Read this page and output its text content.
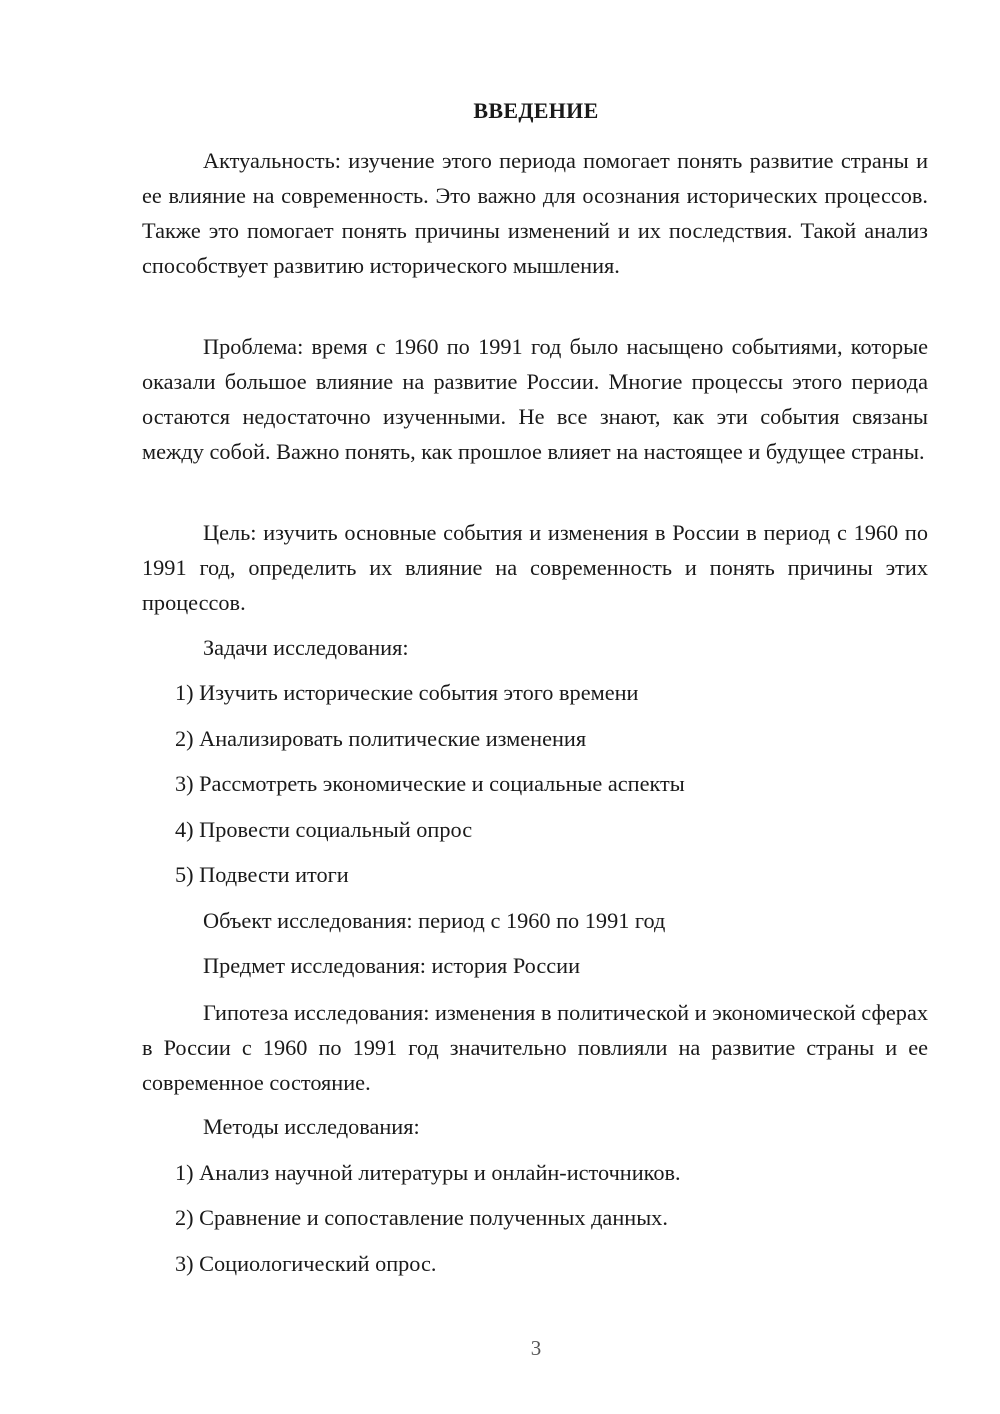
ВВЕДЕНИЕ

Актуальность: изучение этого периода помогает понять развитие страны и ее влияние на современность. Это важно для осознания исторических процессов. Также это помогает понять причины изменений и их последствия. Такой анализ способствует развитию исторического мышления.

Проблема: время с 1960 по 1991 год было насыщено событиями, которые оказали большое влияние на развитие России. Многие процессы этого периода остаются недостаточно изученными. Не все знают, как эти события связаны между собой. Важно понять, как прошлое влияет на настоящее и будущее страны.

Цель: изучить основные события и изменения в России в период с 1960 по 1991 год, определить их влияние на современность и понять причины этих процессов.

Задачи исследования:

1) Изучить исторические события этого времени

2) Анализировать политические изменения

3) Рассмотреть экономические и социальные аспекты

4) Провести социальный опрос

5) Подвести итоги

Объект исследования: период с 1960 по 1991 год

Предмет исследования: история России

Гипотеза исследования: изменения в политической и экономической сферах в России с 1960 по 1991 год значительно повлияли на развитие страны и ее современное состояние.

Методы исследования:

1) Анализ научной литературы и онлайн-источников.

2) Сравнение и сопоставление полученных данных.

3) Социологический опрос.

3
